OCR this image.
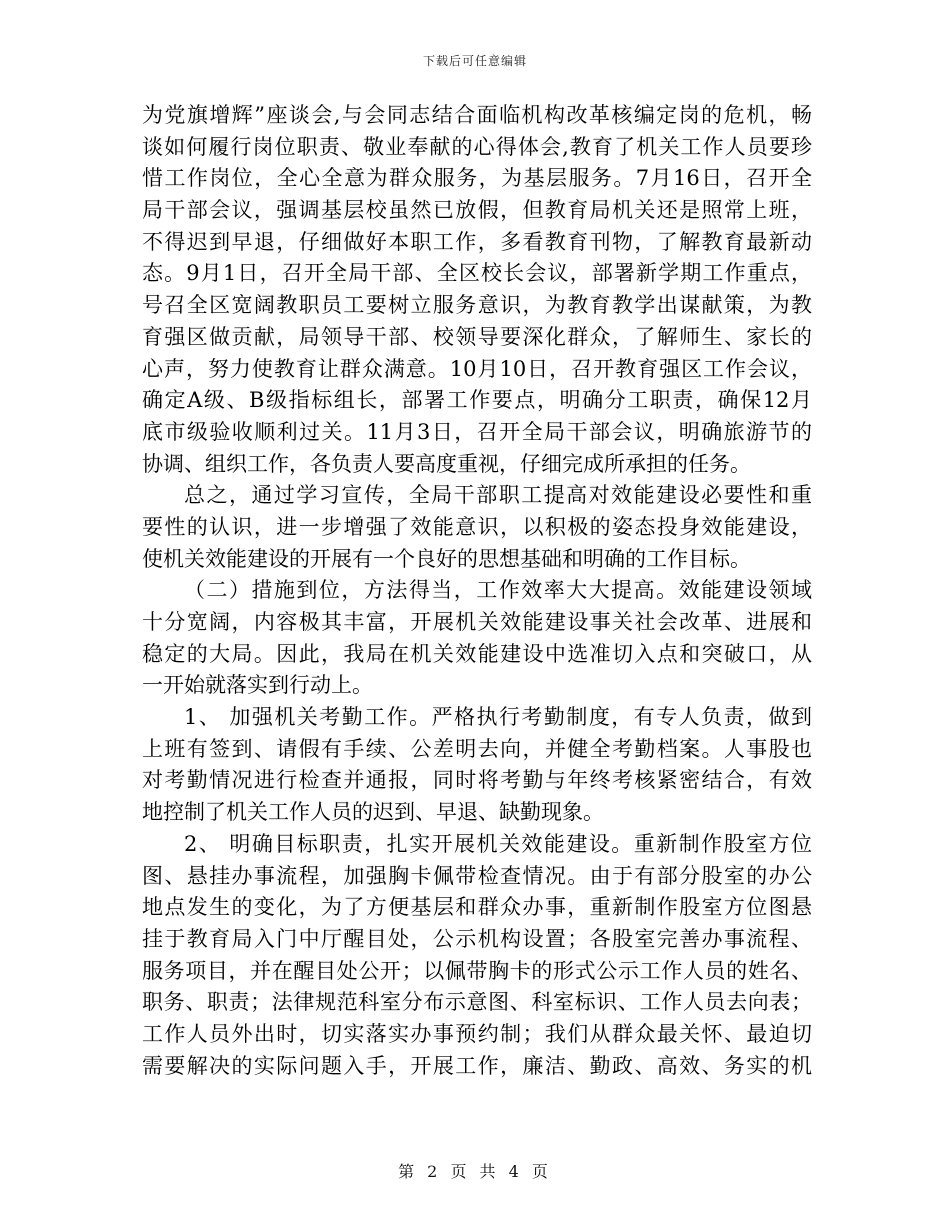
下载后可任意编辑
为党旗增辉”座谈会,与会同志结合面临机构改革核编定岗的危机，畅
谈如何履行岗位职责、敬业奉献的心得体会,教育了机关工作人员要珍
惜工作岗位，全心全意为群众服务，为基层服务。7月16日，召开全
局干部会议，强调基层校虽然已放假，但教育局机关还是照常上班，
不得迟到早退，仔细做好本职工作，多看教育刊物，了解教育最新动
态。9月1日，召开全局干部、全区校长会议，部署新学期工作重点，
号召全区宽阔教职员工要树立服务意识，为教育教学出谋献策，为教
育强区做贡献，局领导干部、校领导要深化群众，了解师生、家长的
心声，努力使教育让群众满意。10月10日，召开教育强区工作会议，
确定A级、B级指标组长，部署工作要点，明确分工职责，确保12月
底市级验收顺利过关。11月3日，召开全局干部会议，明确旅游节的
协调、组织工作，各负责人要高度重视，仔细完成所承担的任务。
总之，通过学习宣传，全局干部职工提高对效能建设必要性和重
要性的认识，进一步增强了效能意识，以积极的姿态投身效能建设，
使机关效能建设的开展有一个良好的思想基础和明确的工作目标。
（二）措施到位，方法得当，工作效率大大提高。效能建设领域
十分宽阔，内容极其丰富，开展机关效能建设事关社会改革、进展和
稳定的大局。因此，我局在机关效能建设中选准切入点和突破口，从
一开始就落实到行动上。
1、 加强机关考勤工作。严格执行考勤制度，有专人负责，做到
上班有签到、请假有手续、公差明去向，并健全考勤档案。人事股也
对考勤情况进行检查并通报，同时将考勤与年终考核紧密结合，有效
地控制了机关工作人员的迟到、早退、缺勤现象。
2、 明确目标职责，扎实开展机关效能建设。重新制作股室方位
图、悬挂办事流程，加强胸卡佩带检查情况。由于有部分股室的办公
地点发生的变化，为了方便基层和群众办事，重新制作股室方位图悬
挂于教育局入门中厅醒目处，公示机构设置；各股室完善办事流程、
服务项目，并在醒目处公开；以佩带胸卡的形式公示工作人员的姓名、
职务、职责；法律规范科室分布示意图、科室标识、工作人员去向表；
工作人员外出时，切实落实办事预约制；我们从群众最关怀、最迫切
需要解决的实际问题入手，开展工作，廉洁、勤政、高效、务实的机
第 2 页 共 4 页
